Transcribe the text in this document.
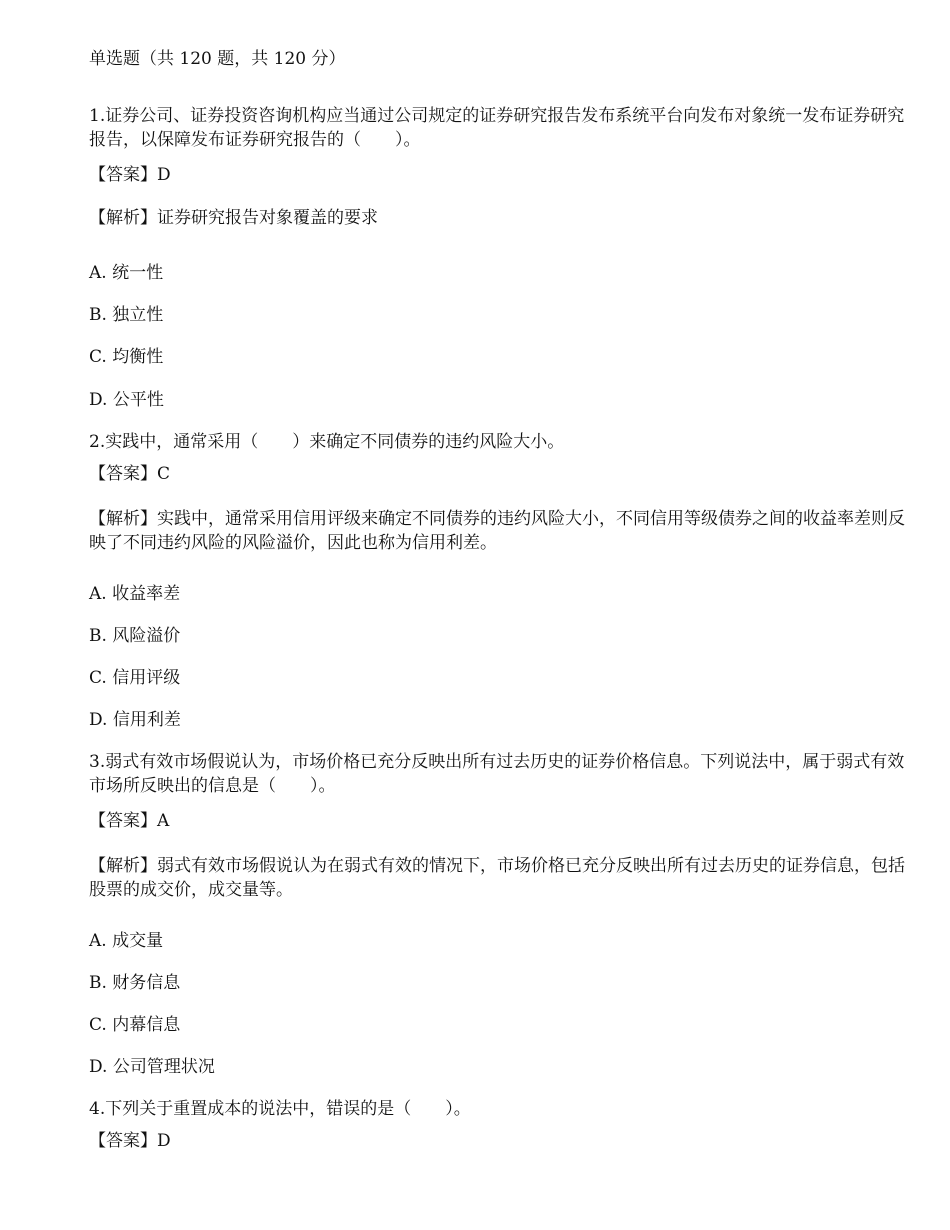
单选题（共 120 题，共 120 分）

1.证券公司、证券投资咨询机构应当通过公司规定的证券研究报告发布系统平台向发布对象统一发布证券研究报告，以保障发布证券研究报告的（　　）。

【答案】D

【解析】证券研究报告对象覆盖的要求

A. 统一性

B. 独立性

C. 均衡性

D. 公平性

2.实践中，通常采用（　　）来确定不同债券的违约风险大小。

【答案】C

【解析】实践中，通常采用信用评级来确定不同债券的违约风险大小，不同信用等级债券之间的收益率差则反映了不同违约风险的风险溢价，因此也称为信用利差。

A. 收益率差

B. 风险溢价

C. 信用评级

D. 信用利差

3.弱式有效市场假说认为，市场价格已充分反映出所有过去历史的证券价格信息。下列说法中，属于弱式有效市场所反映出的信息是（　　）。

【答案】A

【解析】弱式有效市场假说认为在弱式有效的情况下，市场价格已充分反映出所有过去历史的证券信息，包括股票的成交价，成交量等。

A. 成交量

B. 财务信息

C. 内幕信息

D. 公司管理状况

4.下列关于重置成本的说法中，错误的是（　　）。

【答案】D
